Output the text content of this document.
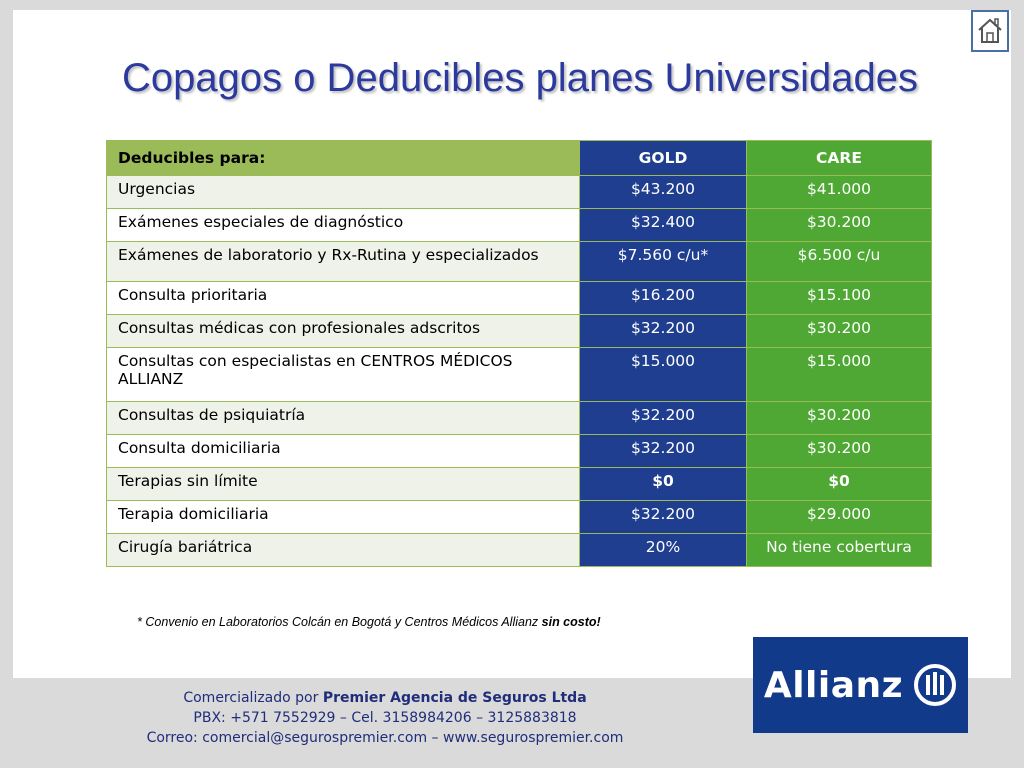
Copagos o Deducibles planes Universidades
Deducibles para:	GOLD	CARE
Urgencias	$43.200	$41.000
Exámenes especiales de diagnóstico	$32.400	$30.200
Exámenes de laboratorio y Rx-Rutina y especializados	$7.560 c/u*	$6.500 c/u
Consulta prioritaria	$16.200	$15.100
Consultas médicas con profesionales adscritos	$32.200	$30.200
Consultas con especialistas en CENTROS MÉDICOS ALLIANZ	$15.000	$15.000
Consultas de psiquiatría	$32.200	$30.200
Consulta domiciliaria	$32.200	$30.200
Terapias sin límite	$0	$0
Terapia domiciliaria	$32.200	$29.000
Cirugía bariátrica	20%	No tiene cobertura
* Convenio en Laboratorios Colcán en Bogotá y Centros Médicos Allianz sin costo!
Comercializado por Premier Agencia de Seguros Ltda
PBX: +571 7552929 – Cel. 3158984206 – 3125883818
Correo: comercial@segurospremier.com – www.segurospremier.com
Allianz
